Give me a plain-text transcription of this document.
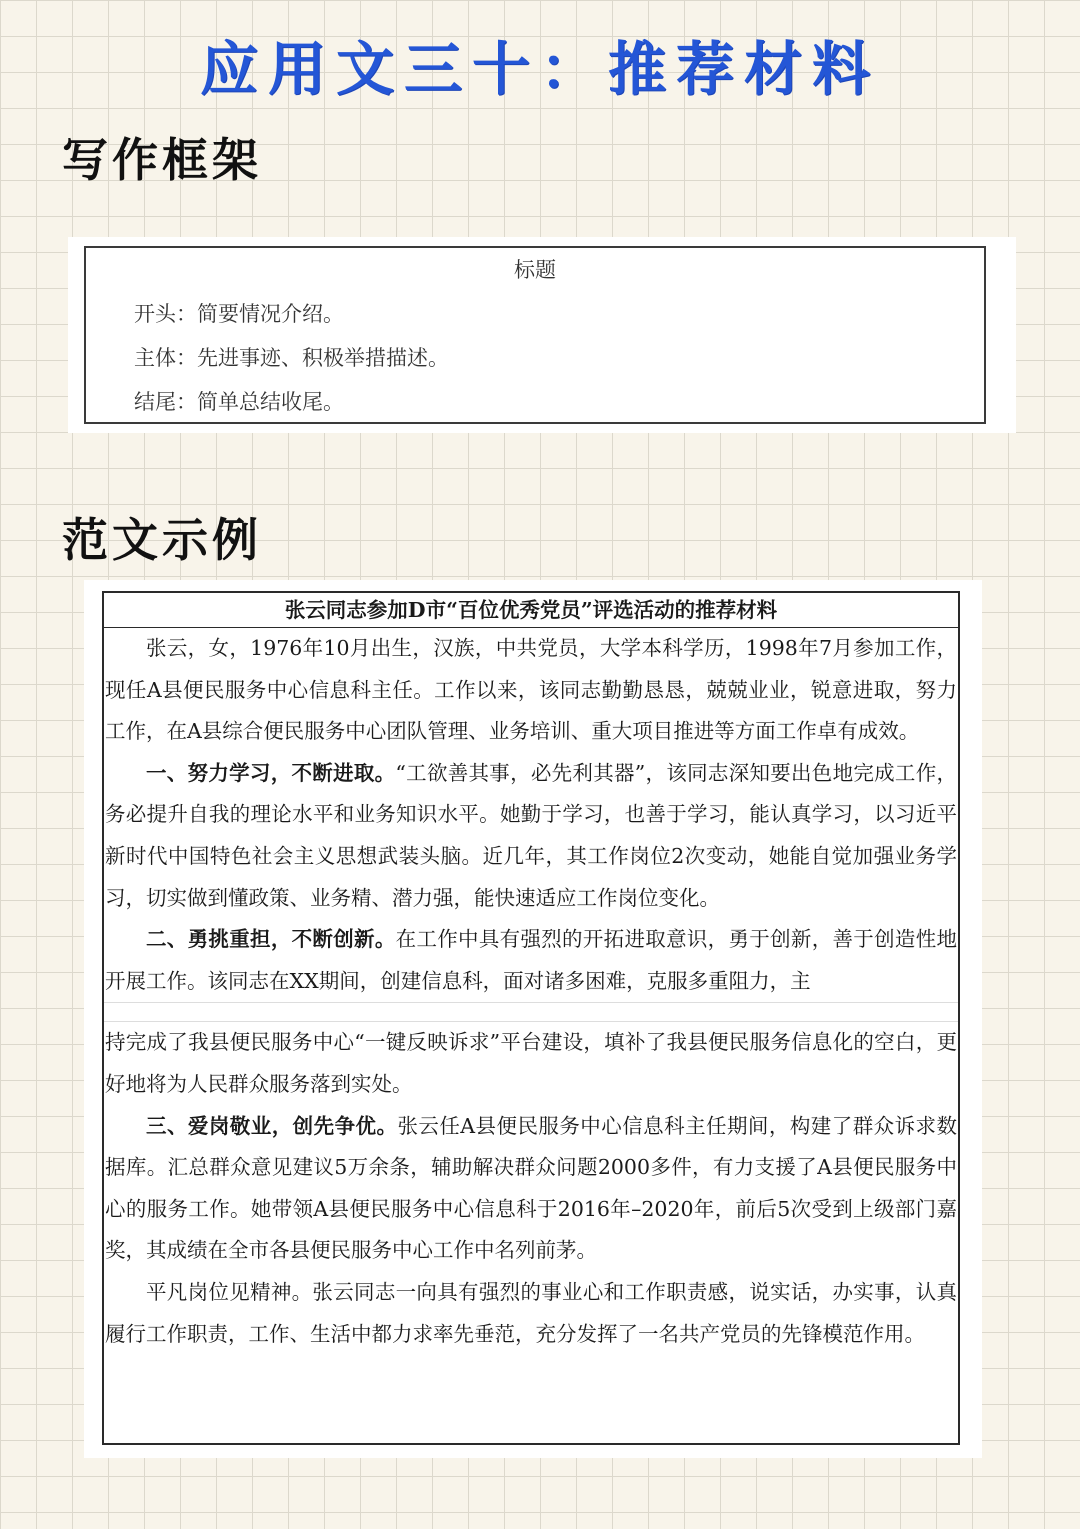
应用文三十：推荐材料
写作框架
标题
开头：简要情况介绍。
主体：先进事迹、积极举措描述。
结尾：简单总结收尾。
范文示例
张云同志参加D市“百位优秀党员”评选活动的推荐材料

张云，女，1976年10月出生，汉族，中共党员，大学本科学历，1998年7月参加工作，现任A县便民服务中心信息科主任。工作以来，该同志勤勤恳恳，兢兢业业，锐意进取，努力工作，在A县综合便民服务中心团队管理、业务培训、重大项目推进等方面工作卓有成效。

一、努力学习，不断进取。“工欲善其事，必先利其器”，该同志深知要出色地完成工作，务必提升自我的理论水平和业务知识水平。她勤于学习，也善于学习，能认真学习，以习近平新时代中国特色社会主义思想武装头脑。近几年，其工作岗位2次变动，她能自觉加强业务学习，切实做到懂政策、业务精、潜力强，能快速适应工作岗位变化。

二、勇挑重担，不断创新。在工作中具有强烈的开拓进取意识，勇于创新，善于创造性地开展工作。该同志在XX期间，创建信息科，面对诸多困难，克服多重阻力，主

持完成了我县便民服务中心“一键反映诉求”平台建设，填补了我县便民服务信息化的空白，更好地将为人民群众服务落到实处。

三、爱岗敬业，创先争优。张云任A县便民服务中心信息科主任期间，构建了群众诉求数据库。汇总群众意见建议5万余条，辅助解决群众问题2000多件，有力支援了A县便民服务中心的服务工作。她带领A县便民服务中心信息科于2016年–2020年，前后5次受到上级部门嘉奖，其成绩在全市各县便民服务中心工作中名列前茅。

平凡岗位见精神。张云同志一向具有强烈的事业心和工作职责感，说实话，办实事，认真履行工作职责，工作、生活中都力求率先垂范，充分发挥了一名共产党员的先锋模范作用。
